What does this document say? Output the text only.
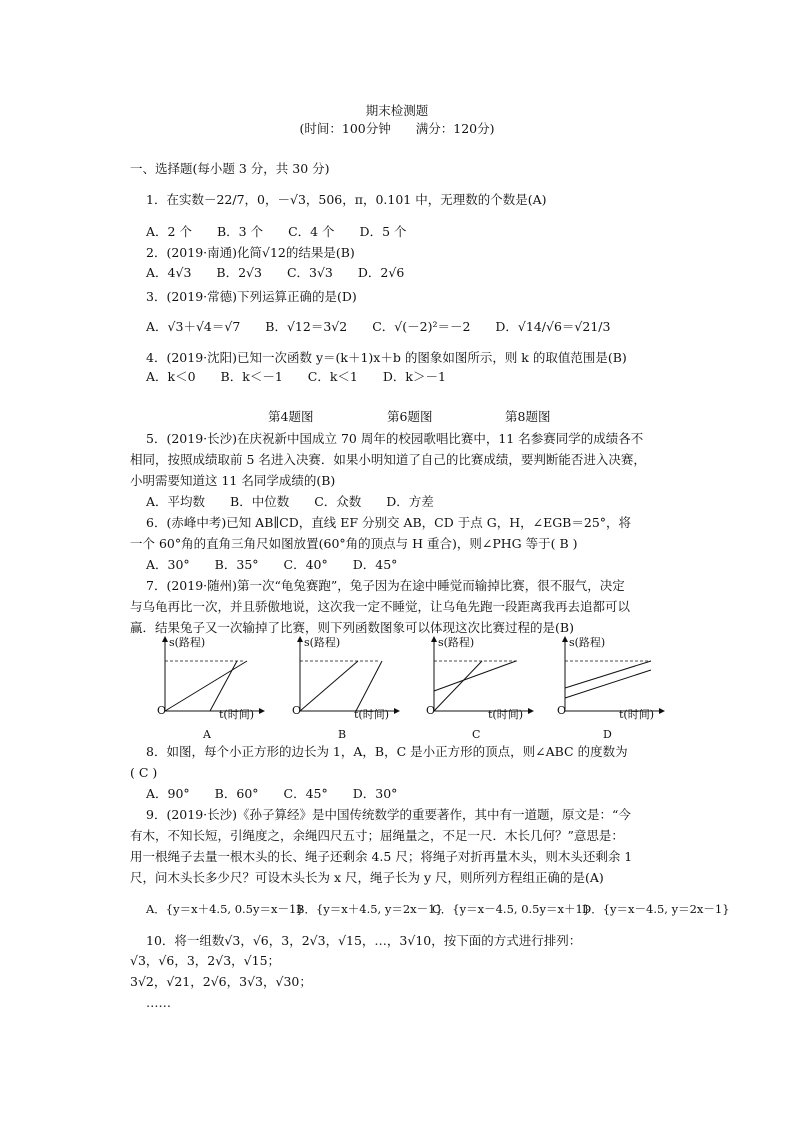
期末检测题
(时间：100分钟　　满分：120分)
一、选择题(每小题 3 分，共 30 分)
1．在实数－22/7，0，－√3，506，π，0.101 中，无理数的个数是(A)
A．2 个　　B．3 个　　C．4 个　　D．5 个
2．(2019·南通)化简√12的结果是(B)
A．4√3　　B．2√3　　C．3√3　　D．2√6
3．(2019·常德)下列运算正确的是(D)
A．√3＋√4＝√7　　B．√12＝3√2　　C．√(－2)²＝－2　　D．√14/√6＝√21/3
4．(2019·沈阳)已知一次函数 y＝(k＋1)x＋b 的图象如图所示，则 k 的取值范围是(B)
A．k＜0　　B．k＜－1　　C．k＜1　　D．k＞－1
第4题图	第6题图	第8题图
5．(2019·长沙)在庆祝新中国成立 70 周年的校园歌唱比赛中，11 名参赛同学的成绩各不
相同，按照成绩取前 5 名进入决赛．如果小明知道了自己的比赛成绩，要判断能否进入决赛，
小明需要知道这 11 名同学成绩的(B)
A．平均数　　B．中位数　　C．众数　　D．方差
6．(赤峰中考)已知 AB∥CD，直线 EF 分别交 AB，CD 于点 G，H，∠EGB＝25°，将
一个 60°角的直角三角尺如图放置(60°角的顶点与 H 重合)，则∠PHG 等于( B )
A．30°　　B．35°　　C．40°　　D．45°
7．(2019·随州)第一次“龟兔赛跑”，兔子因为在途中睡觉而输掉比赛，很不服气，决定
与乌龟再比一次，并且骄傲地说，这次我一定不睡觉，让乌龟先跑一段距离我再去追都可以
赢．结果兔子又一次输掉了比赛，则下列函数图象可以体现这次比赛过程的是(B)
s(路程)
t(时间)
O
A
s(路程)
t(时间)
O
B
s(路程)
t(时间)
O
C
s(路程)
t(时间)
O
D
8．如图，每个小正方形的边长为 1，A，B，C 是小正方形的顶点，则∠ABC 的度数为
( C )
A．90°　　B．60°　　C．45°　　D．30°
9．(2019·长沙)《孙子算经》是中国传统数学的重要著作，其中有一道题，原文是：“今
有木，不知长短，引绳度之，余绳四尺五寸；屈绳量之，不足一尺．木长几何？”意思是：
用一根绳子去量一根木头的长、绳子还剩余 4.5 尺；将绳子对折再量木头，则木头还剩余 1
尺，问木头长多少尺？可设木头长为 x 尺，绳子长为 y 尺，则所列方程组正确的是(A)
A．{y＝x＋4.5, 0.5y＝x－1}
B．{y＝x＋4.5, y＝2x－1}
C．{y＝x－4.5, 0.5y＝x＋1}
D．{y＝x－4.5, y＝2x－1}
10．将一组数√3，√6，3，2√3，√15，…，3√10，按下面的方式进行排列：
√3，√6，3，2√3，√15；
3√2，√21，2√6，3√3，√30；
……
